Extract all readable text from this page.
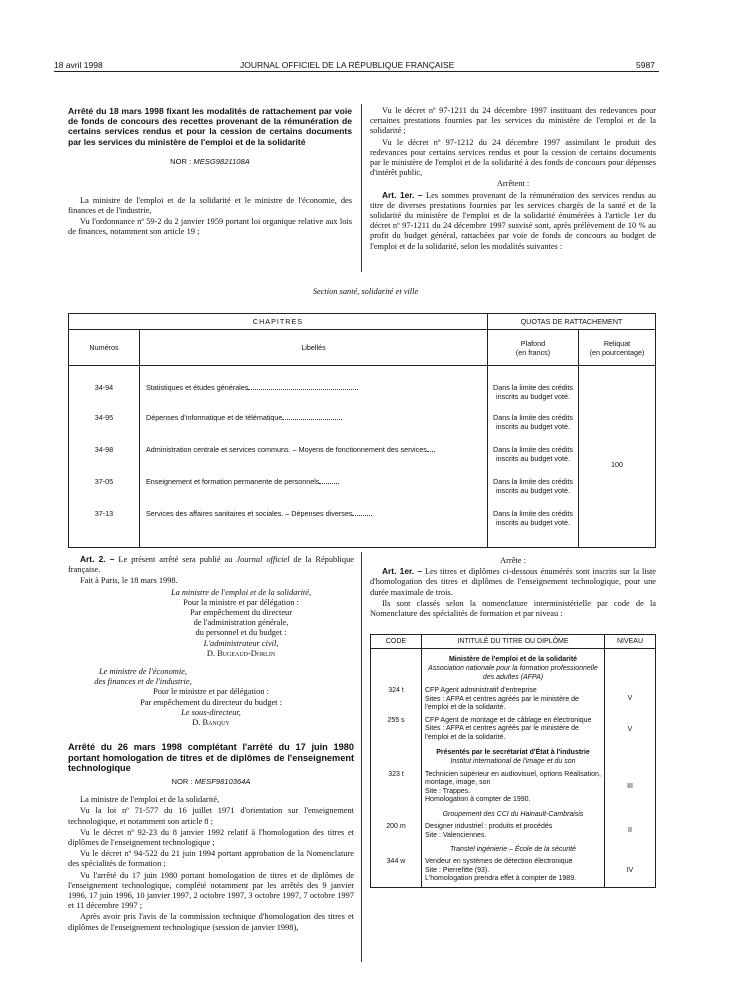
18 avril 1998	JOURNAL OFFICIEL DE LA RÉPUBLIQUE FRANÇAISE	5987
Arrêté du 18 mars 1998 fixant les modalités de rattachement par voie de fonds de concours des recettes provenant de la rémunération de certains services rendus et pour la cession de certains documents par les services du ministère de l'emploi et de la solidarité
NOR : MESG9821108A

La ministre de l'emploi et de la solidarité et le ministre de l'économie, des finances et de l'industrie,

Vu l'ordonnance nº 59-2 du 2 janvier 1959 portant loi organique relative aux lois de finances, notamment son article 19 ;

Vu le décret nº 97-1211 du 24 décembre 1997 instituant des redevances pour certaines prestations fournies par les services du ministère de l'emploi et de la solidarité ;

Vu le décret nº 97-1212 du 24 décembre 1997 assimilant le produit des redevances pour certains services rendus et pour la cession de certains documents par le ministère de l'emploi et de la solidarité à des fonds de concours pour dépenses d'intérêt public,

Arrêtent :

Art. 1er. – Les sommes provenant de la rémunération des services rendus au titre de diverses prestations fournies par les services chargés de la santé et de la solidarité du ministère de l'emploi et de la solidarité énumérées à l'article 1er du décret nº 97-1211 du 24 décembre 1997 susvisé sont, après prélèvement de 10 % au profit du budget général, rattachées par voie de fonds de concours au budget de l'emploi et de la solidarité, selon les modalités suivantes :

Section santé, solidarité et ville
CHAPITRES		QUOTAS DE RATTACHEMENT	
Numéros	Libellés	Plafond
(en francs)	Reliquat
(en pourcentage)

34-94	Statistiques et études générales	Dans la limite des crédits inscrits au budget voté.	100
34-95	Dépenses d'informatique et de télématique	Dans la limite des crédits inscrits au budget voté.	
34-98	Administration centrale et services communs. – Moyens de fonctionnement des services	Dans la limite des crédits inscrits au budget voté.	
37-05	Enseignement et formation permanente de personnels	Dans la limite des crédits inscrits au budget voté.	
37-13	Services des affaires sanitaires et sociales. – Dépenses diverses	Dans la limite des crédits inscrits au budget voté.	

Art. 2. – Le présent arrêté sera publié au Journal officiel de la République française.

Fait à Paris, le 18 mars 1998.

La ministre de l'emploi et de la solidarité,
Pour la ministre et par délégation :
Par empêchement du directeur
de l'administration générale,
du personnel et du budget :
L'administrateur civil,
D. Bugeaud-Dorlin
Le ministre de l'économie,
des finances et de l'industrie,
Pour le ministre et par délégation :
Par empêchement du directeur du budget :
Le sous-directeur,
D. Banquy
Arrêté du 26 mars 1998 complétant l'arrêté du 17 juin 1980 portant homologation de titres et de diplômes de l'enseignement technologique
NOR : MESF9810364A

La ministre de l'emploi et de la solidarité,

Vu la loi nº 71-577 du 16 juillet 1971 d'orientation sur l'enseignement technologique, et notamment son article 8 ;

Vu le décret nº 92-23 du 8 janvier 1992 relatif à l'homologation des titres et diplômes de l'enseignement technologique ;

Vu le décret nº 94-522 du 21 juin 1994 portant approbation de la Nomenclature des spécialités de formation ;

Vu l'arrêté du 17 juin 1980 portant homologation de titres et de diplômes de l'enseignement technologique, complété notamment par les arrêtés des 9 janvier 1996, 17 juin 1996, 10 janvier 1997, 2 octobre 1997, 3 octobre 1997, 7 octobre 1997 et 11 décembre 1997 ;

Après avoir pris l'avis de la commission technique d'homologation des titres et diplômes de l'enseignement technologique (session de janvier 1998),

Arrête :

Art. 1er. – Les titres et diplômes ci-dessous énumérés sont inscrits sur la liste d'homologation des titres et diplômes de l'enseignement technologique, pour une durée maximale de trois.

Ils sont classés selon la nomenclature interministérielle par code de la Nomenclature des spécialités de formation et par niveau :

CODE	INTITULÉ DU TITRE OU DIPLÔME	NIVEAU
	Ministère de l'emploi et de la solidarité
Association nationale pour la formation professionnelle des adultes (AFPA)	
324 t	CFP Agent administratif d'entreprise
Sites : AFPA et centres agréés par le ministère de l'emploi et de la solidarité.	V
255 s	CFP Agent de montage et de câblage en électronique
Sites : AFPA et centres agréés par le ministère de l'emploi et de la solidarité.	V
	Présentés par le secrétariat d'État à l'industrie
Institut international de l'image et du son	
323 t	Technicien supérieur en audiovisuel, options Réalisation, montage, image, son
Site : Trappes.
Homologation à compter de 1990.	III
	Groupement des CCI du Hainault-Cambraisis	
200 m	Designer industriel : produits et procédés
Site : Valenciennes.	II
	Transtel ingénierie – École de la sécurité	
344 w	Vendeur en systèmes de détection électronique
Site : Pierrefitte (93).
L'homologation prendra effet à compter de 1989.	IV
